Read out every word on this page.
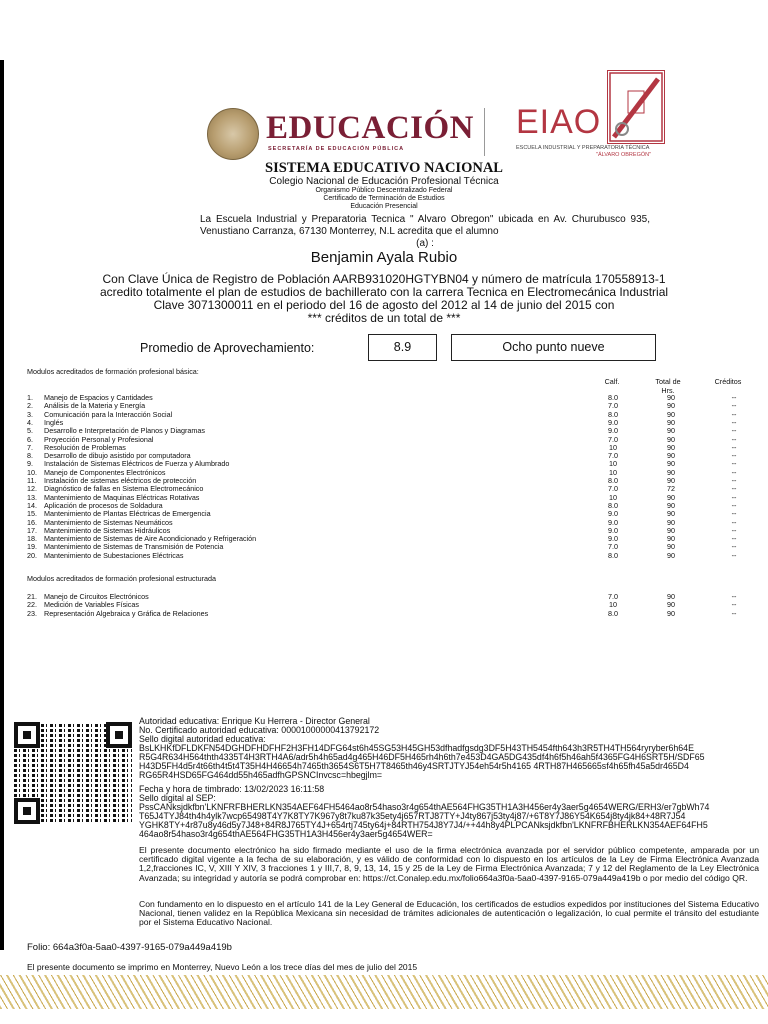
EDUCACIÓN
SECRETARÍA DE EDUCACIÓN PÚBLICA
EIAO
ESCUELA INDUSTRIAL Y PREPARATORIA TÉCNICA
"ÁLVARO OBREGÓN"
SISTEMA EDUCATIVO NACIONAL
Colegio Nacional de Educación Profesional Técnica
Organismo Público Descentralizado Federal
Certificado de Terminación de Estudios
Educación Presencial
La Escuela Industrial y Preparatoria Tecnica " Alvaro Obregon" ubicada en Av. Churubusco 935, Venustiano Carranza, 67130 Monterrey, N.L acredita que el alumno
(a) :
Benjamin Ayala Rubio
Con Clave Única de Registro de Población AARB931020HGTYBN04 y número de matrícula 170558913-1
acredito totalmente el plan de estudios de bachillerato con la carrera Tecnica en Electromecánica Industrial
Clave 3071300011 en el periodo del 16 de agosto del 2012 al 14 de junio del 2015 con
*** créditos de un total de ***
Promedio de Aprovechamiento:	8.9	Ocho punto nueve
Modulos acreditados de formación profesional básica:
Calf.	Total de Hrs.
Créditos
1. Manejo de Espacios y Cantidades	8.0	90	--
2. Análisis de la Materia y Energía	7.0	90	--
3. Comunicación para la Interacción Social	8.0	90	--
4. Inglés	9.0	90	--
5. Desarrollo e Interpretación de Planos y Diagramas	9.0	90	--
6. Proyección Personal y Profesional	7.0	90	--
7. Resolución de Problemas	10	90	--
8. Desarrollo de dibujo asistido por computadora	7.0	90	--
9. Instalación de Sistemas Eléctricos de Fuerza y Alumbrado	10	90	--
10. Manejo de Componentes Electrónicos	10	90	--
11. Instalación de sistemas eléctricos de protección	8.0	90	--
12. Diagnóstico de fallas en Sistema Electromecánico	7.0	72	--
13. Mantenimiento de Maquinas Eléctricas Rotativas	10	90	--
14. Aplicación de procesos de Soldadura	8.0	90	--
15. Mantenimiento de Plantas Eléctricas de Emergencia	9.0	90	--
16. Mantenimiento de Sistemas Neumáticos	9.0	90	--
17. Mantenimiento de Sistemas Hidráulicos	9.0	90	--
18. Mantenimiento de Sistemas de Aire Acondicionado y Refrigeración	9.0	90	--
19. Mantenimiento de Sistemas de Transmisión de Potencia	7.0	90	--
20. Mantenimiento de Subestaciones Eléctricas	8.0	90	--
Modulos acreditados de formación profesional estructurada
21. Manejo de Circuitos Electrónicos	7.0	90	--
22. Medición de Variables Físicas	10	90	--
23. Representación Algebraica y Gráfica de Relaciones	8.0	90	--
Autoridad educativa: Enrique Ku Herrera - Director General
No. Certificado autoridad educativa: 00001000000413792172
Sello digital autoridad educativa:
BsLKHKfDFLDKFN54DGHDFHDFHF2H3FH14DFG64st6h45SG53H45GH53dfhadfgsdg3DF5H43TH5454fth643h3R5TH4TH564ryryber6h64E
R5G4R634H564thth4335T4H3RTH4A6/adr5h4h65ad4g465H46DF5H465rh4h6th7e453D4GA5DG435df4h6f5h46ah5f4365FG4H6SRT5H/SDF65
H43D5FH4d5r4t66th4t5t4T35H4H46654h7465th3654S6T5H7T8465th46y4SRTJTYJ54eh54r5h4165 4RTH87H465665sf4h65fh45a5dr465D4
RG65R4HSD65FG464dd55h465adfhGPSNCInvcsc=hbegjlm=
Fecha y hora de timbrado: 13/02/2023 16:11:58
Sello digital al SEP:
PssCANksjdkfbn'LKNFRFBHERLKN354AEF64FH5464ao8r54haso3r4g654thAE564FHG35TH1A3H456er4y3aer5g4654WERG/ERH3/er7gbWh74
T65J4TYJ84th4h4ylk7wcp65498T4Y7K8TY7K967y8t7ku87k35ety4j657RTJ87TY+J4ty867j53ty4j87/+6T8Y7J86Y54K654j8ty4jk84+48R7J54
YGHK8TY+4r87u8y46d5y7J48+84R8J765TY4J+654rtj745ty64j+84RTH754J8Y7J4/++44h8y4PLPCANksjdkfbn'LKNFRFBHERLKN354AEF64FH5
464ao8r54haso3r4g654thAE564FHG35TH1A3H456er4y3aer5g4654WER=
El presente documento electrónico ha sido firmado mediante el uso de la firma electrónica avanzada por el servidor público competente, amparada por un certificado digital vigente a la fecha de su elaboración, y es válido de conformidad con lo dispuesto en los artículos de la Ley de Firma Electrónica Avanzada 1,2,fracciones IC, V, XIII Y XIV, 3 fracciones 1 y III,7, 8, 9, 13, 14, 15 y 25 de la Ley de Firma Electrónica Avanzada; 7 y 12 del Reglamento de la Ley Electrónica Avanzada; su integridad y autoría se podrá comprobar en: https://ct.Conalep.edu.mx/folio664a3f0a-5aa0-4397-9165-079a449a419b o por medio del código QR.
Con fundamento en lo dispuesto en el artículo 141 de la Ley General de Educación, los certificados de estudios expedidos por instituciones del Sistema Educativo Nacional, tienen validez en la República Mexicana sin necesidad de trámites adicionales de autenticación o legalización, lo cual permite el tránsito del estudiante por el Sistema Educativo Nacional.
Folio: 664a3f0a-5aa0-4397-9165-079a449a419b
El presente documento se imprimo en Monterrey, Nuevo León a los trece días del mes de julio del 2015
